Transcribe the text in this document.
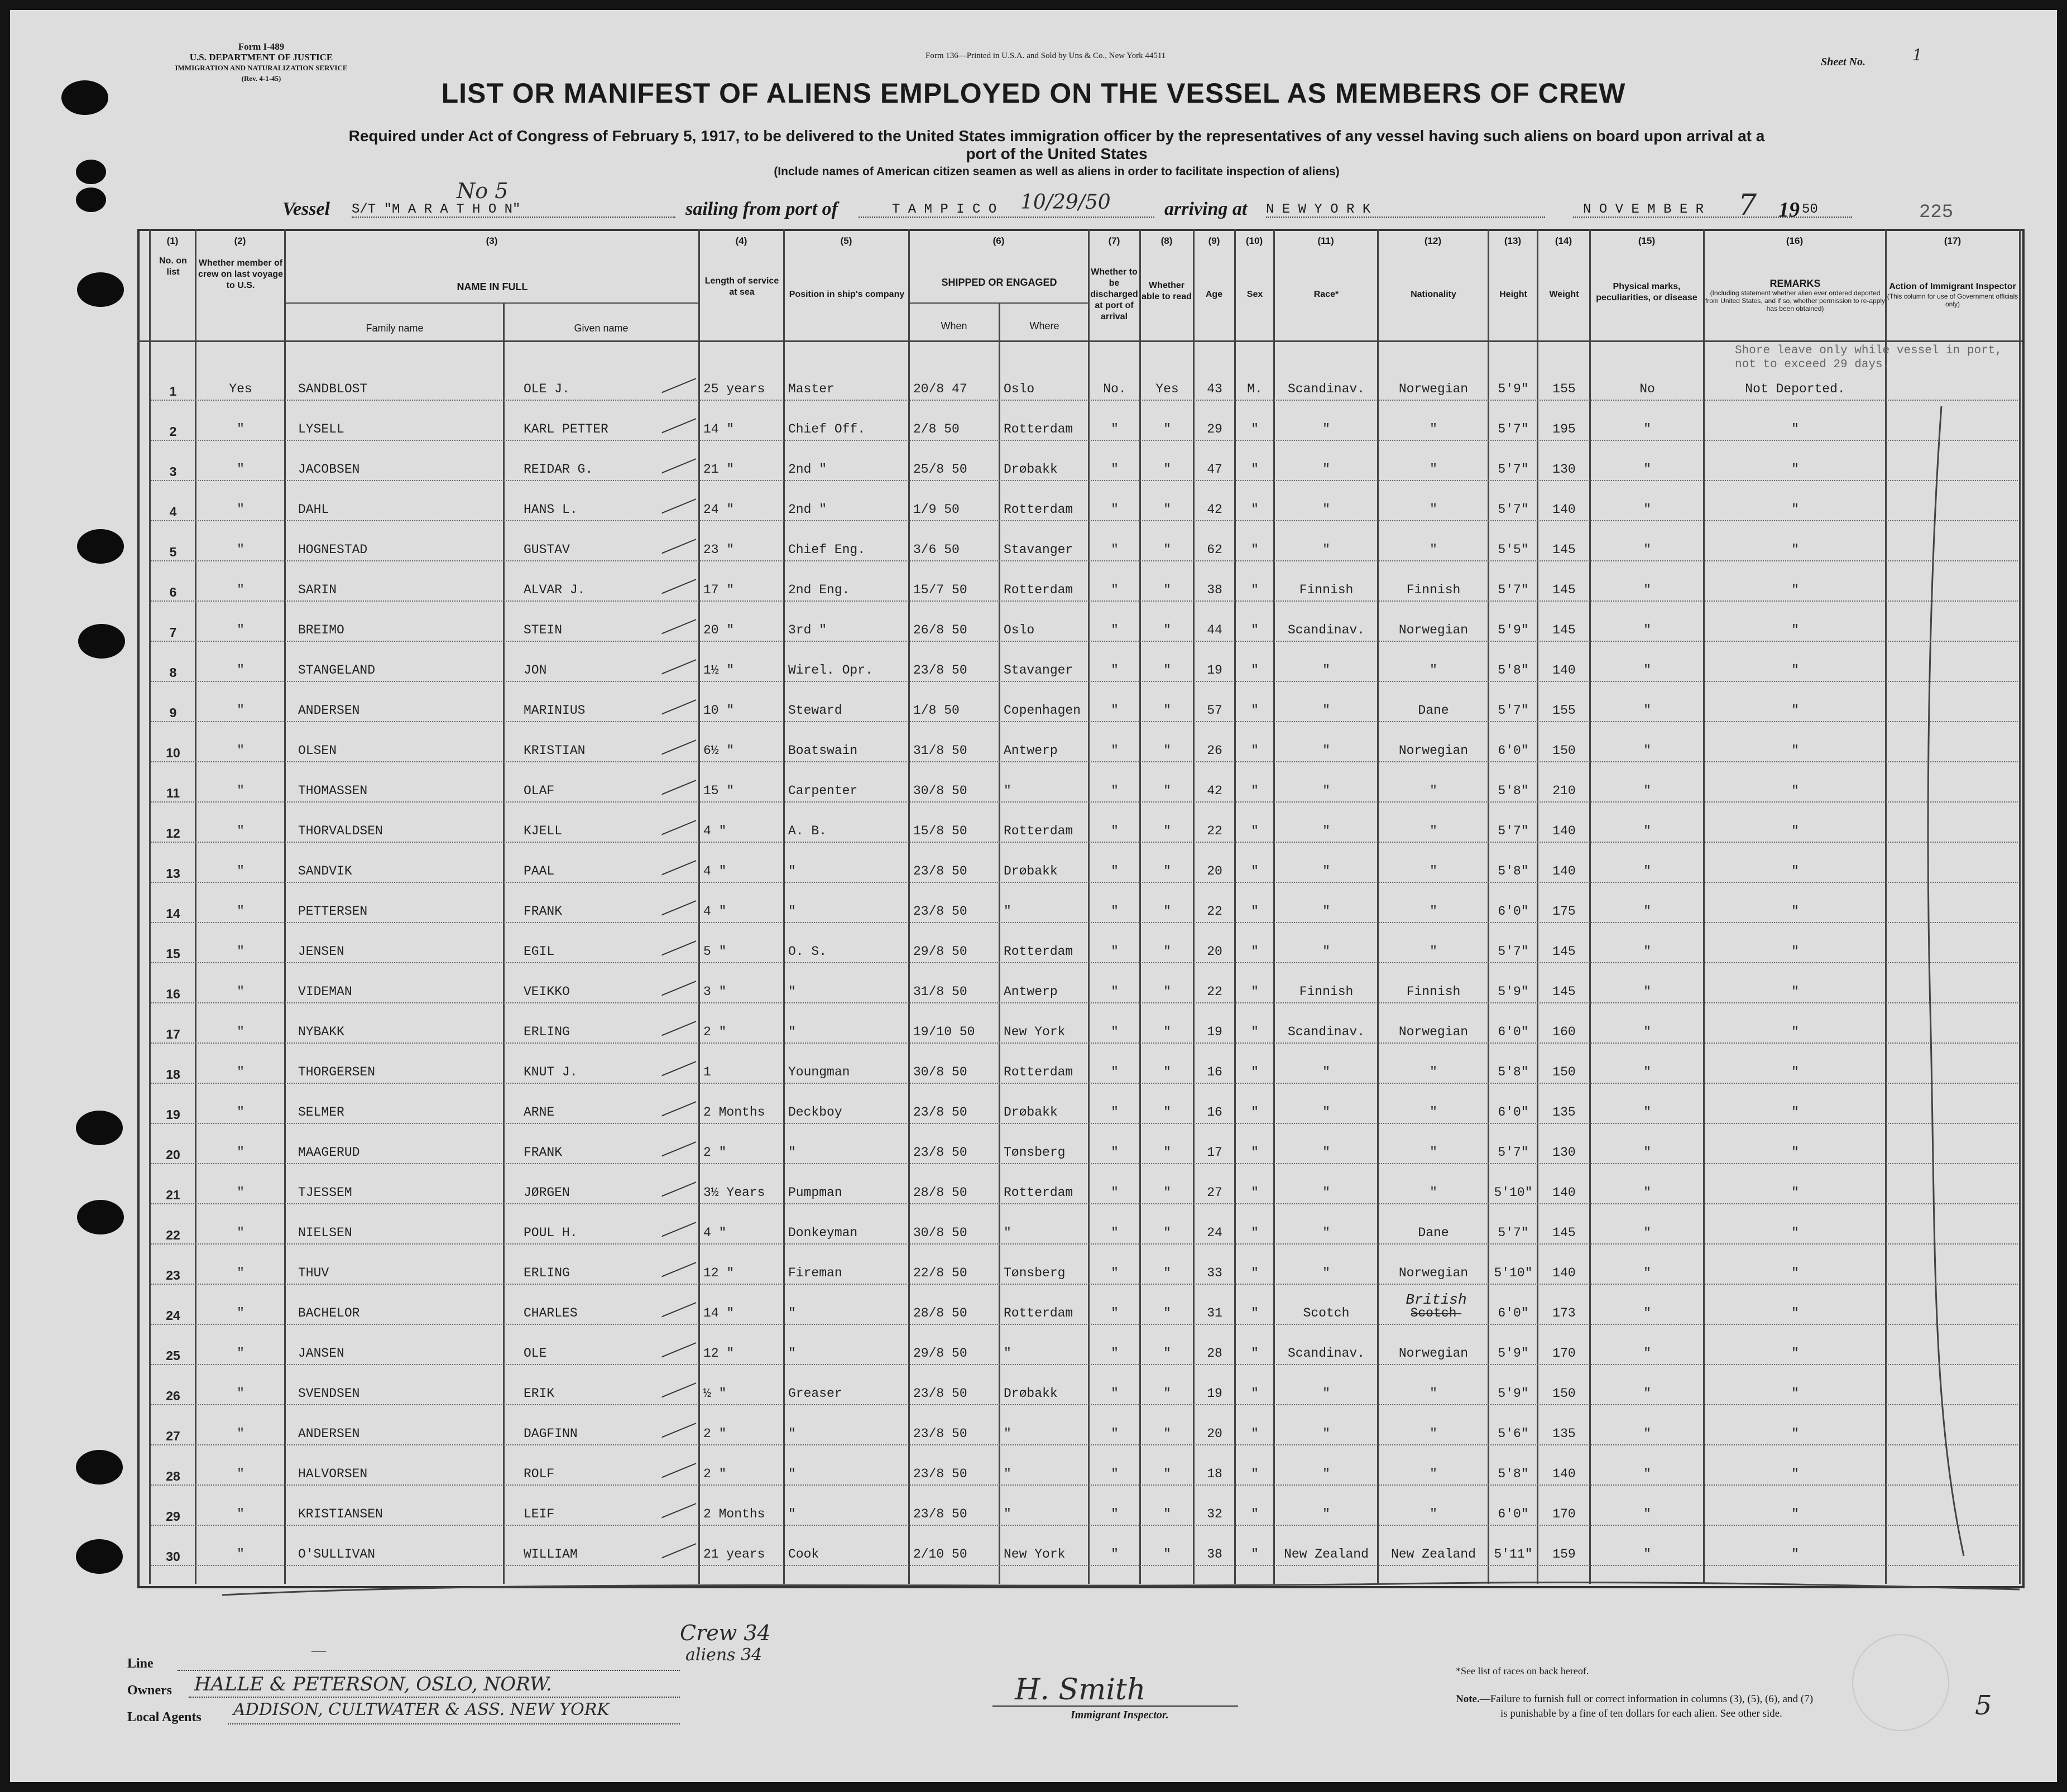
Form I-489
U.S. DEPARTMENT OF JUSTICE
IMMIGRATION AND NATURALIZATION SERVICE
(Rev. 4-1-45)
Form 136—Printed in U.S.A. and Sold by Uns & Co., New York 44511	Sheet No.	1
LIST OR MANIFEST OF ALIENS EMPLOYED ON THE VESSEL AS MEMBERS OF CREW
Required under Act of Congress of February 5, 1917, to be delivered to the United States immigration officer by the representatives of any vessel having such aliens on board upon arrival at a
port of the United States
(Include names of American citizen seamen as well as aliens in order to facilitate inspection of aliens)
Vessel
No 5
S/T "M A R A T H O N"	sailing from port of	T A M P I C O 10/29/50	arriving at N E W Y O R K	N O V E M B E R 7 19 50	225
(1)	(2)	(3)	(4)	(5)	(6)	(7)	(8)	(9)	(10)	(11)	(12)	(13)	(14)	(15)	(16)	(17)
No. on list
Whether member of crew on last voyage to U.S.	NAME IN FULL
Family name	Given name
Length of service at sea	Position in ship's company
SHIPPED OR ENGAGED
When	Where
Whether to be discharged at port of arrival
Whether able to read	Age	Sex	Race*	Nationality	Height	Weight
Physical marks, peculiarities, or disease
REMARKS
(Including statement whether alien ever ordered deported from United States, and if so, whether permission to re-apply has been obtained)
Action of Immigrant Inspector
(This column for use of Government officials only)
1	Yes	SANDBLOST	OLE J.	25 years	Master	20/8 47	Oslo	No.	Yes	43	M.	Scandinav.	Norwegian	5'9"	155	No	Not Deported.
2	"	LYSELL	KARL PETTER	14 "	Chief Off.	2/8 50	Rotterdam	"	"	29	"	"	"	5'7"	195	"	"
3	"	JACOBSEN	REIDAR G.	21 "	2nd "	25/8 50	Drøbakk	"	"	47	"	"	"	5'7"	130	"	"
4	"	DAHL	HANS L.	24 "	2nd "	1/9 50	Rotterdam	"	"	42	"	"	"	5'7"	140	"	"
5	"	HOGNESTAD	GUSTAV	23 "	Chief Eng.	3/6 50	Stavanger	"	"	62	"	"	"	5'5"	145	"	"
6	"	SARIN	ALVAR J.	17 "	2nd Eng.	15/7 50	Rotterdam	"	"	38	"	Finnish	Finnish	5'7"	145	"	"
7	"	BREIMO	STEIN	20 "	3rd "	26/8 50	Oslo	"	"	44	"	Scandinav.	Norwegian	5'9"	145	"	"
8	"	STANGELAND	JON	1½ "	Wirel. Opr.	23/8 50	Stavanger	"	"	19	"	"	"	5'8"	140	"	"
9	"	ANDERSEN	MARINIUS	10 "	Steward	1/8 50	Copenhagen	"	"	57	"	"	Dane	5'7"	155	"	"
10	"	OLSEN	KRISTIAN	6½ "	Boatswain	31/8 50	Antwerp	"	"	26	"	"	Norwegian	6'0"	150	"	"
11	"	THOMASSEN	OLAF	15 "	Carpenter	30/8 50	"	"	"	42	"	"	"	5'8"	210	"	"
12	"	THORVALDSEN	KJELL	4 "	A. B.	15/8 50	Rotterdam	"	"	22	"	"	"	5'7"	140	"	"
13	"	SANDVIK	PAAL	4 "	"	23/8 50	Drøbakk	"	"	20	"	"	"	5'8"	140	"	"
14	"	PETTERSEN	FRANK	4 "	"	23/8 50	"	"	"	22	"	"	"	6'0"	175	"	"
15	"	JENSEN	EGIL	5 "	O. S.	29/8 50	Rotterdam	"	"	20	"	"	"	5'7"	145	"	"
16	"	VIDEMAN	VEIKKO	3 "	"	31/8 50	Antwerp	"	"	22	"	Finnish	Finnish	5'9"	145	"	"
17	"	NYBAKK	ERLING	2 "	"	19/10 50	New York	"	"	19	"	Scandinav.	Norwegian	6'0"	160	"	"
18	"	THORGERSEN	KNUT J.	1	Youngman	30/8 50	Rotterdam	"	"	16	"	"	"	5'8"	150	"	"
19	"	SELMER	ARNE	2 Months	Deckboy	23/8 50	Drøbakk	"	"	16	"	"	"	6'0"	135	"	"
20	"	MAAGERUD	FRANK	2 "	"	23/8 50	Tønsberg	"	"	17	"	"	"	5'7"	130	"	"
21	"	TJESSEM	JØRGEN	3½ Years	Pumpman	28/8 50	Rotterdam	"	"	27	"	"	"	5'10"	140	"	"
22	"	NIELSEN	POUL H.	4 "	Donkeyman	30/8 50	"	"	"	24	"	"	Dane	5'7"	145	"	"
23	"	THUV	ERLING	12 "	Fireman	22/8 50	Tønsberg	"	"	33	"	"	Norwegian	5'10"	140	"	"
24	"	BACHELOR	CHARLES	14 "	"	28/8 50	Rotterdam	"	"	31	"	Scotch	Scotch	6'0"	173	"	"
British
25	"	JANSEN	OLE	12 "	"	29/8 50	"	"	"	28	"	Scandinav.	Norwegian	5'9"	170	"	"
26	"	SVENDSEN	ERIK	½ "	Greaser	23/8 50	Drøbakk	"	"	19	"	"	"	5'9"	150	"	"
27	"	ANDERSEN	DAGFINN	2 "	"	23/8 50	"	"	"	20	"	"	"	5'6"	135	"	"
28	"	HALVORSEN	ROLF	2 "	"	23/8 50	"	"	"	18	"	"	"	5'8"	140	"	"
29	"	KRISTIANSEN	LEIF	2 Months	"	23/8 50	"	"	"	32	"	"	"	6'0"	170	"	"
30	"	O'SULLIVAN	WILLIAM	21 years	Cook	2/10 50	New York	"	"	38	"	New Zealand	New Zealand	5'11"	159	"	"
Shore leave only while vessel in port, not to exceed 29 days.
Line
—
Owners HALLE & PETERSON, OSLO, NORW.
Local Agents ADDISON, CULTWATER & ASS. NEW YORK
Crew 34
aliens 34
H. Smith
Immigrant Inspector.
*See list of races on back hereof.
Note.—Failure to furnish full or correct information in columns (3), (5), (6), and (7)
is punishable by a fine of ten dollars for each alien. See other side.	5
